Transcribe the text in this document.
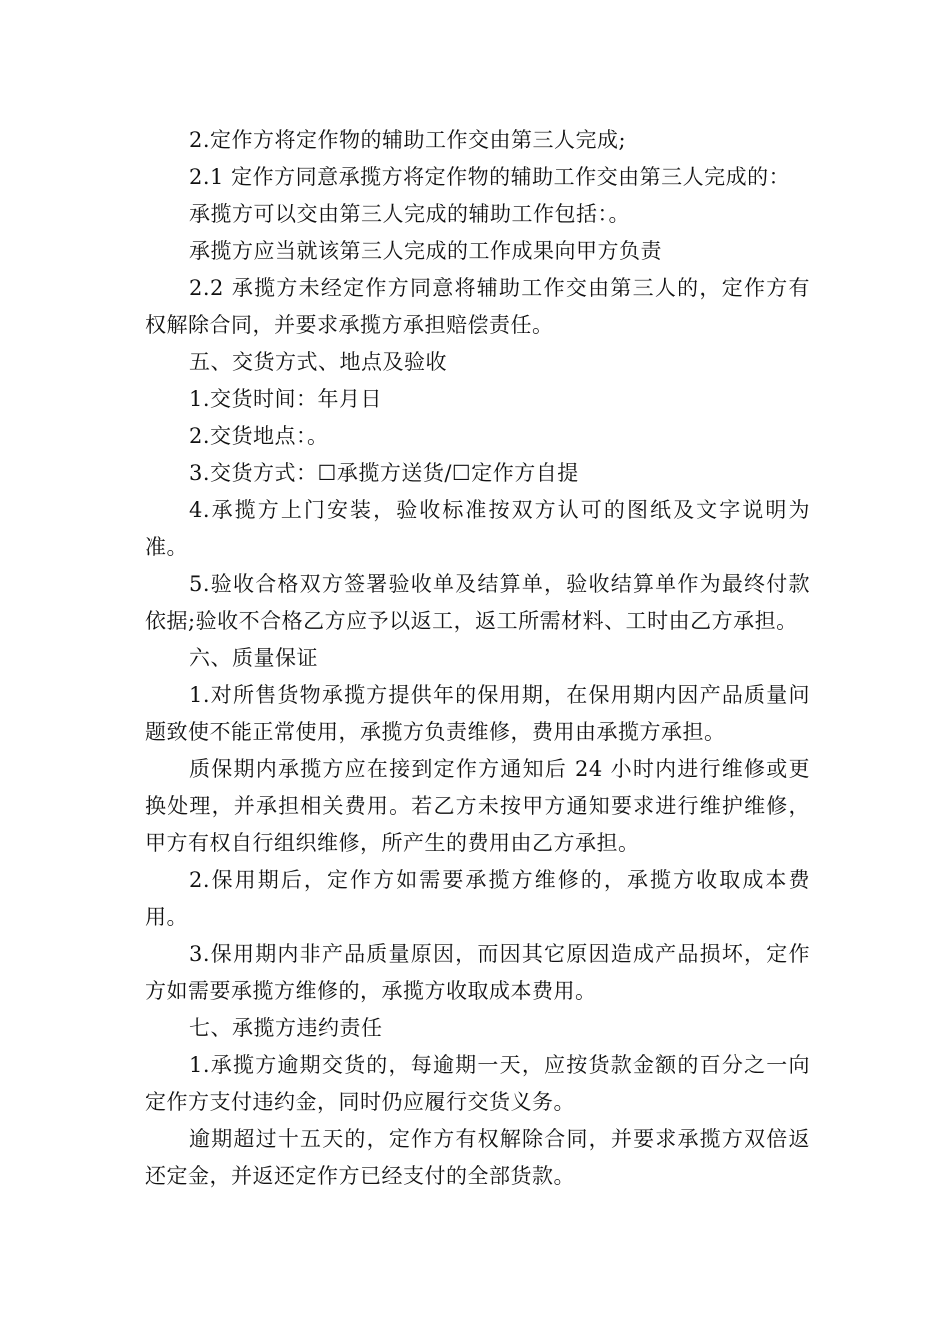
2.定作方将定作物的辅助工作交由第三人完成;

2.1 定作方同意承揽方将定作物的辅助工作交由第三人完成的：

承揽方可以交由第三人完成的辅助工作包括：。

承揽方应当就该第三人完成的工作成果向甲方负责

2.2 承揽方未经定作方同意将辅助工作交由第三人的，定作方有权解除合同，并要求承揽方承担赔偿责任。

五、交货方式、地点及验收

1.交货时间：年月日

2.交货地点：。

3.交货方式：☐承揽方送货/☐定作方自提

4.承揽方上门安装，验收标准按双方认可的图纸及文字说明为准。

5.验收合格双方签署验收单及结算单，验收结算单作为最终付款依据;验收不合格乙方应予以返工，返工所需材料、工时由乙方承担。

六、质量保证

1.对所售货物承揽方提供年的保用期，在保用期内因产品质量问题致使不能正常使用，承揽方负责维修，费用由承揽方承担。

质保期内承揽方应在接到定作方通知后 24 小时内进行维修或更换处理，并承担相关费用。若乙方未按甲方通知要求进行维护维修，甲方有权自行组织维修，所产生的费用由乙方承担。

2.保用期后，定作方如需要承揽方维修的，承揽方收取成本费用。

3.保用期内非产品质量原因，而因其它原因造成产品损坏，定作方如需要承揽方维修的，承揽方收取成本费用。

七、承揽方违约责任

1.承揽方逾期交货的，每逾期一天，应按货款金额的百分之一向定作方支付违约金，同时仍应履行交货义务。

逾期超过十五天的，定作方有权解除合同，并要求承揽方双倍返还定金，并返还定作方已经支付的全部货款。
